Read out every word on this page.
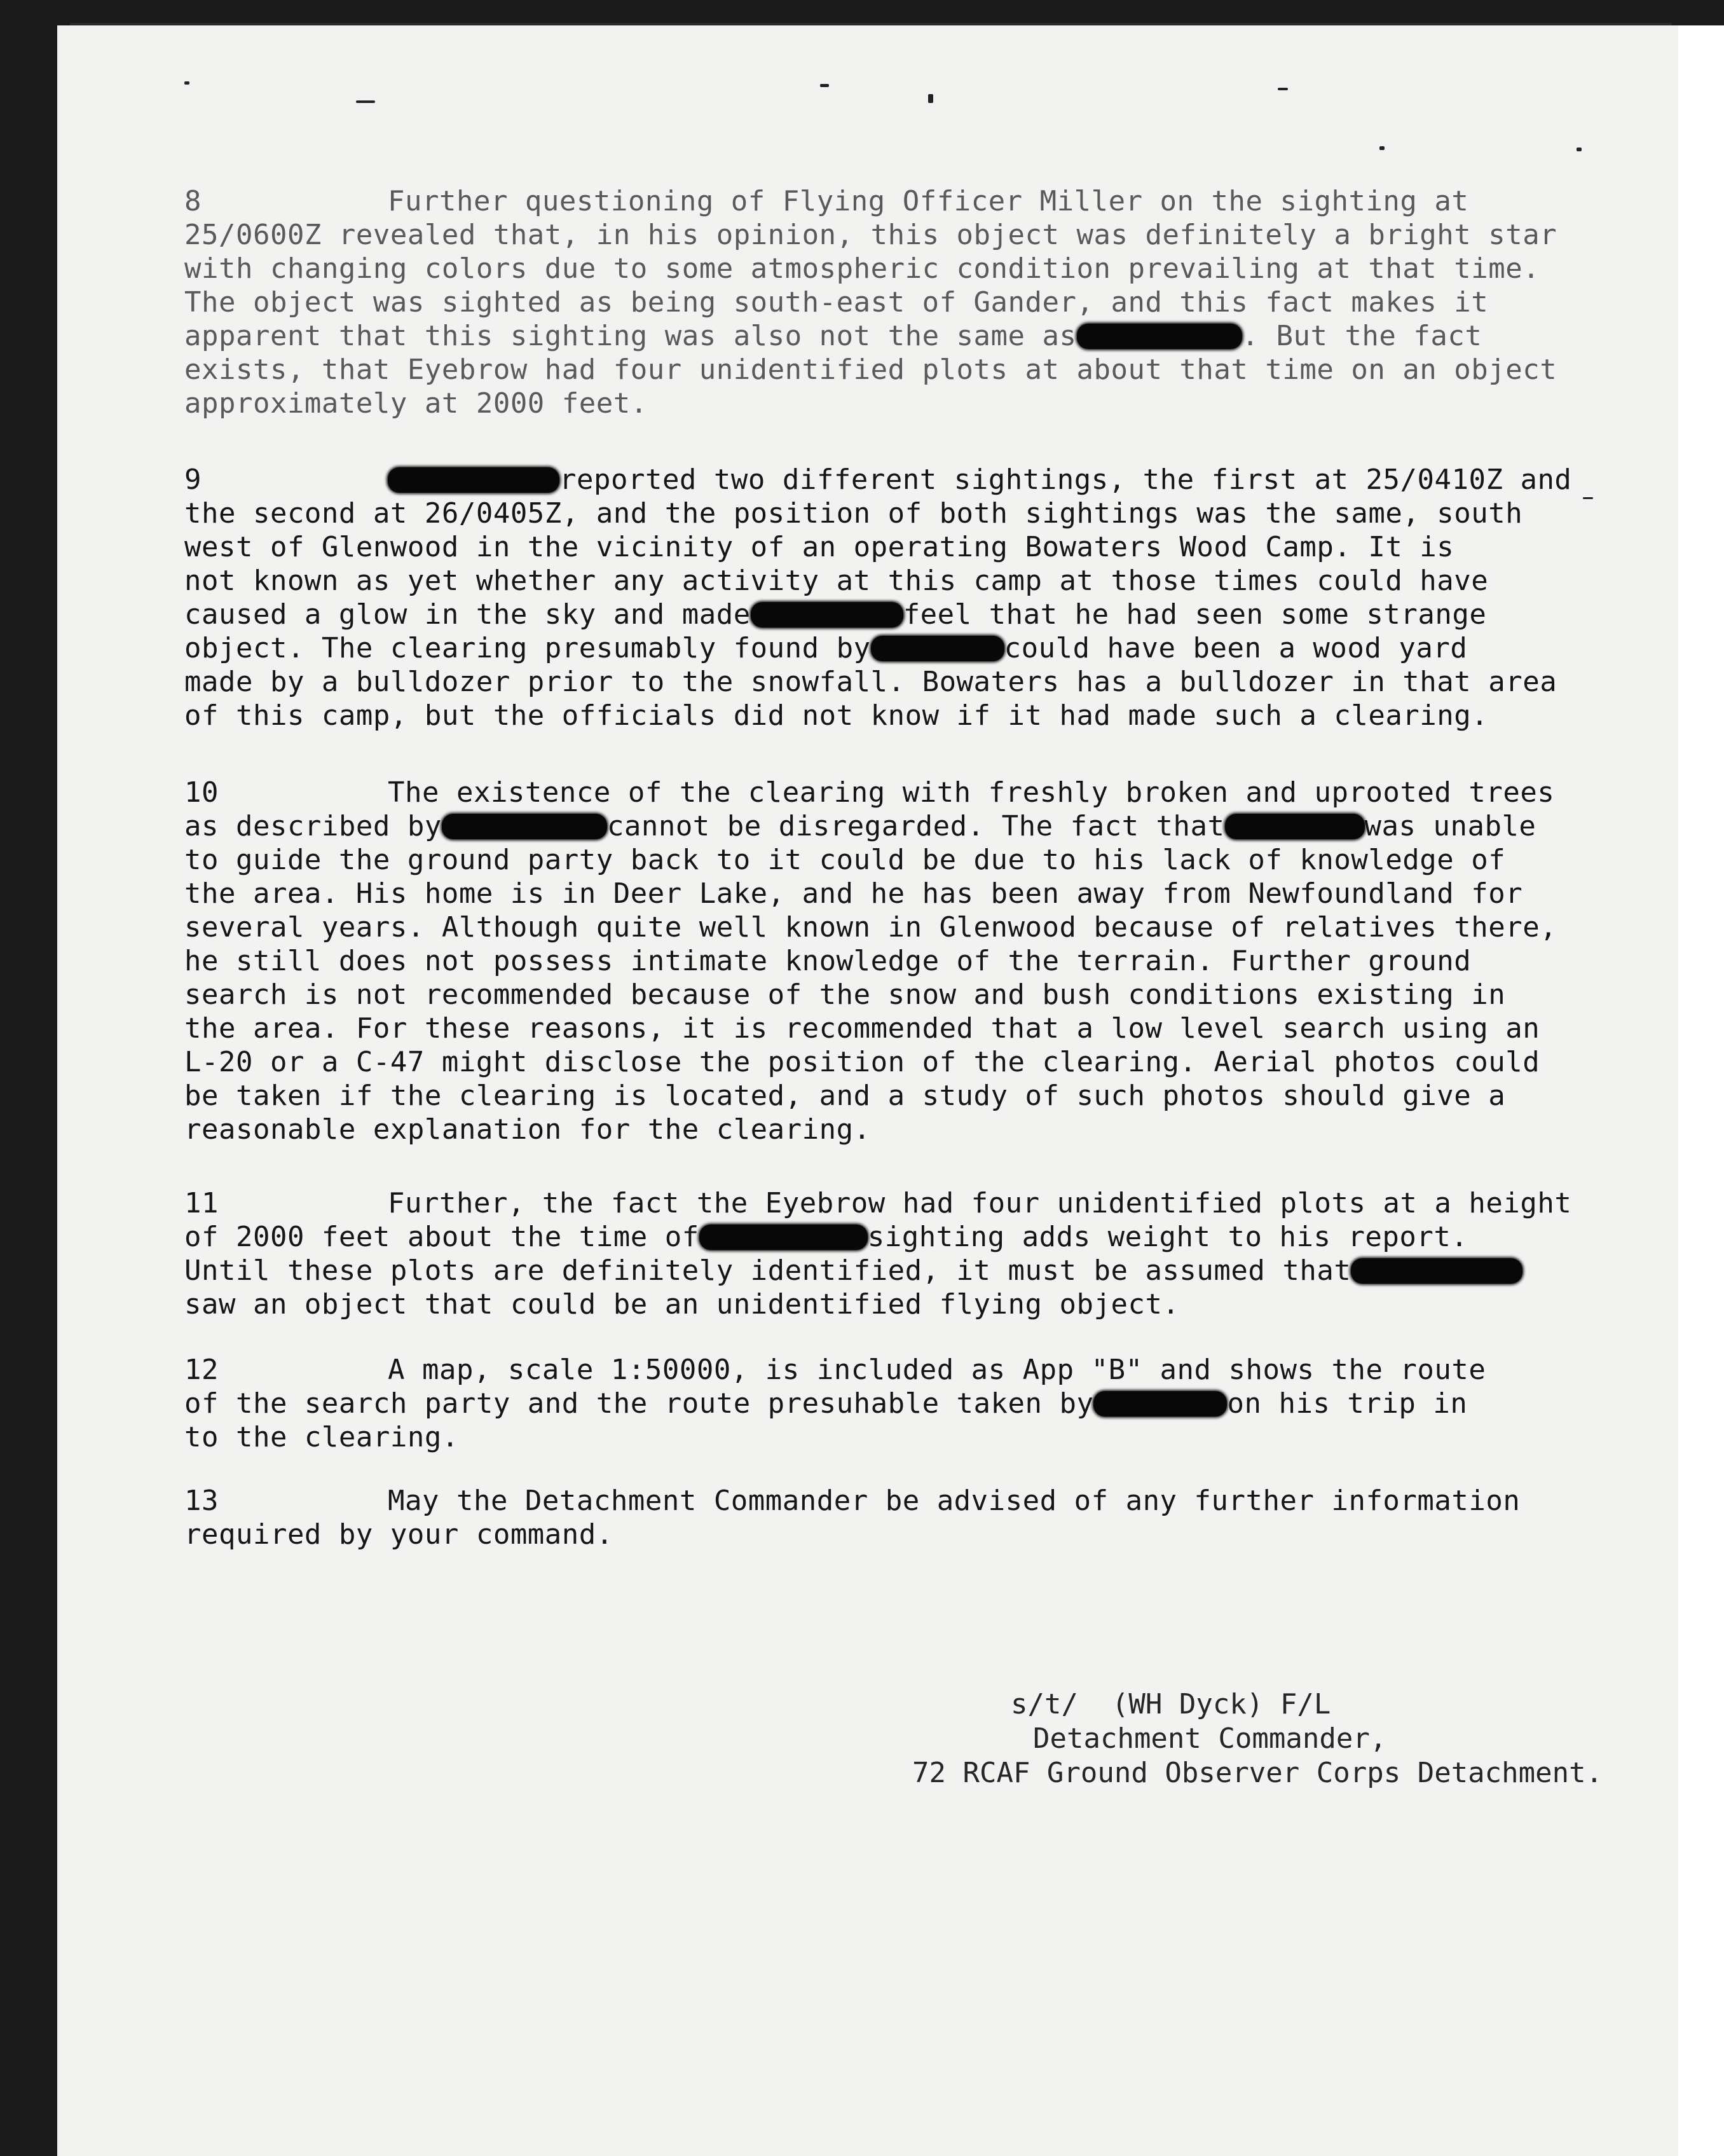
8	Further questioning of Flying Officer Miller on the sighting at
25/0600Z revealed that, in his opinion, this object was definitely a bright star
with changing colors due to some atmospheric condition prevailing at that time.
The object was sighted as being south-east of Gander, and this fact makes it
apparent that this sighting was also not the same as	. But the fact
exists, that Eyebrow had four unidentified plots at about that time on an object
approximately at 2000 feet.
9	reported two different sightings, the first at 25/0410Z and
the second at 26/0405Z, and the position of both sightings was the same, south
west of Glenwood in the vicinity of an operating Bowaters Wood Camp. It is
not known as yet whether any activity at this camp at those times could have
caused a glow in the sky and made	feel that he had seen some strange
object. The clearing presumably found by	could have been a wood yard
made by a bulldozer prior to the snowfall. Bowaters has a bulldozer in that area
of this camp, but the officials did not know if it had made such a clearing.
10	The existence of the clearing with freshly broken and uprooted trees
as described by	cannot be disregarded. The fact that	was unable
to guide the ground party back to it could be due to his lack of knowledge of
the area. His home is in Deer Lake, and he has been away from Newfoundland for
several years. Although quite well known in Glenwood because of relatives there,
he still does not possess intimate knowledge of the terrain. Further ground
search is not recommended because of the snow and bush conditions existing in
the area. For these reasons, it is recommended that a low level search using an
L-20 or a C-47 might disclose the position of the clearing. Aerial photos could
be taken if the clearing is located, and a study of such photos should give a
reasonable explanation for the clearing.
11	Further, the fact the Eyebrow had four unidentified plots at a height
of 2000 feet about the time of	sighting adds weight to his report.
Until these plots are definitely identified, it must be assumed that
saw an object that could be an unidentified flying object.
12	A map, scale 1:50000, is included as App "B" and shows the route
of the search party and the route presuhable taken by	on his trip in
to the clearing.
13	May the Detachment Commander be advised of any further information
required by your command.
s/t/  (WH Dyck) F/L
Detachment Commander,
72 RCAF Ground Observer Corps Detachment.
